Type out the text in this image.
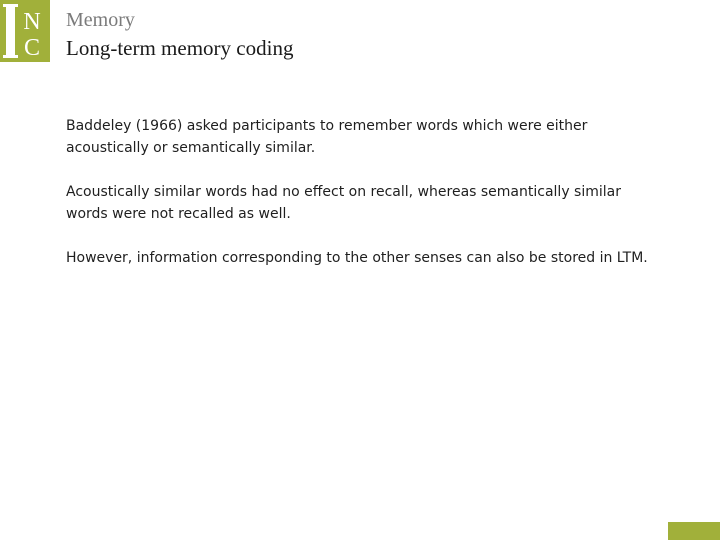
N
C
Memory
Long-term memory coding

Baddeley (1966) asked participants to remember words which were either acoustically or semantically similar.

Acoustically similar words had no effect on recall, whereas semantically similar words were not recalled as well.

However, information corresponding to the other senses can also be stored in LTM.
